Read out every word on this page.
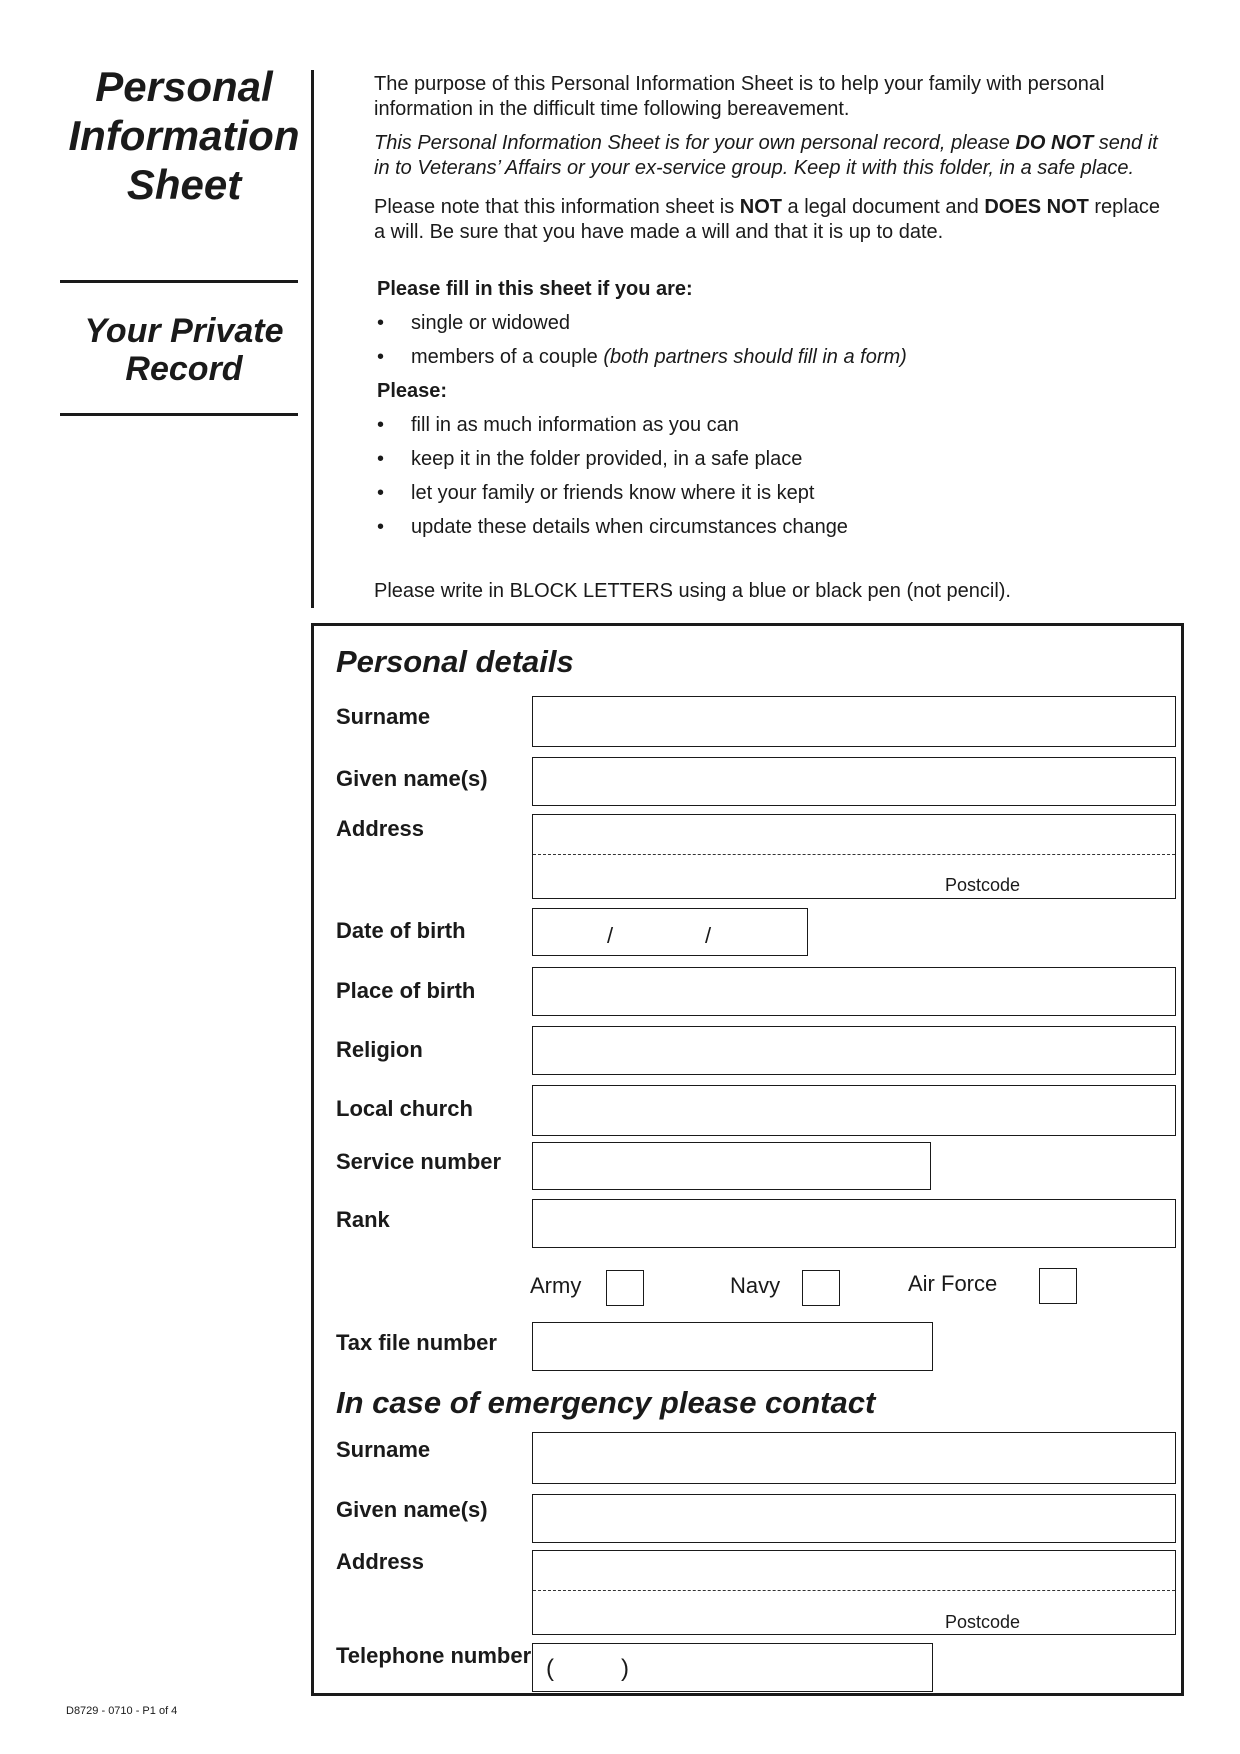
Personal
Information
Sheet
Your Private
Record

The purpose of this Personal Information Sheet is to help your family with personal information in the difficult time following bereavement.

This Personal Information Sheet is for your own personal record, please DO NOT send it in to Veterans’ Affairs or your ex-service group. Keep it with this folder, in a safe place.

Please note that this information sheet is NOT a legal document and DOES NOT replace a will. Be sure that you have made a will and that it is up to date.

Please fill in this sheet if you are:
• single or widowed
• members of a couple (both partners should fill in a form)
Please:
• fill in as much information as you can
• keep it in the folder provided, in a safe place
• let your family or friends know where it is kept
• update these details when circumstances change
Please write in BLOCK LETTERS using a blue or black pen (not pencil).
Personal details
Surname
Given name(s)
Address
Postcode
Date of birth	/	/
Place of birth
Religion
Local church
Service number
Rank
Army	Navy	Air Force
Tax file number
In case of emergency please contact
Surname
Given name(s)
Address
Postcode
Telephone number (	)
D8729 - 0710 - P1 of 4
